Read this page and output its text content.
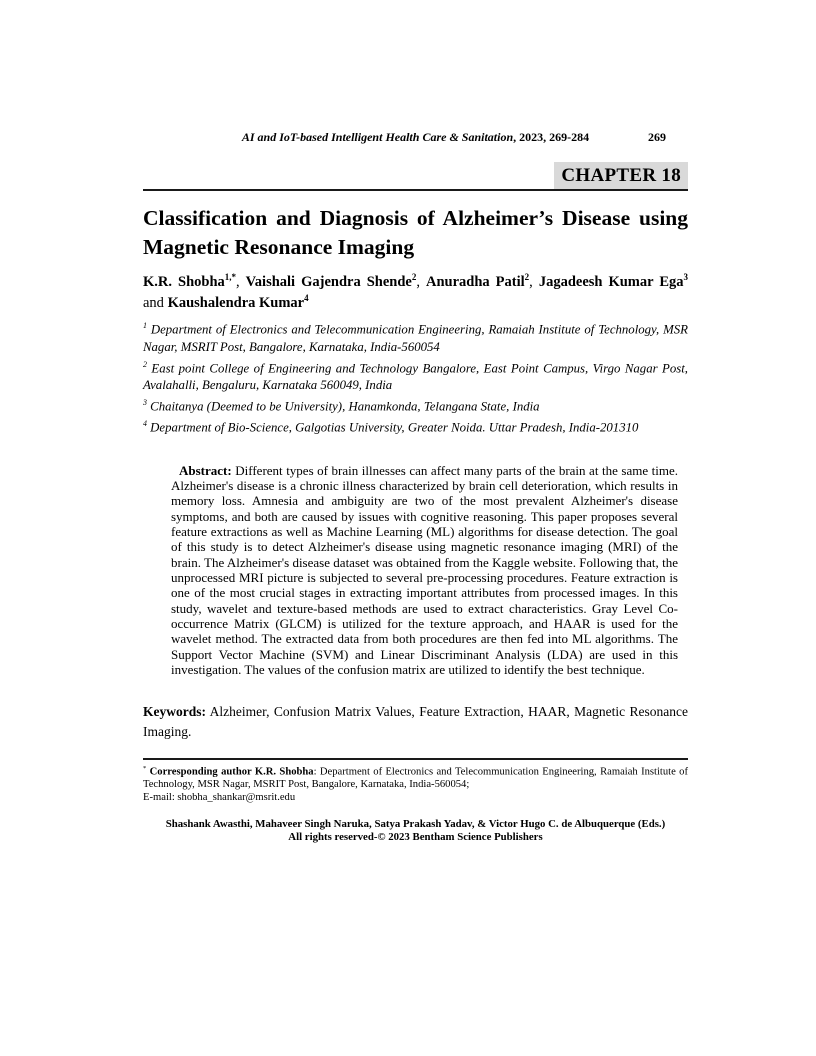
AI and IoT-based Intelligent Health Care & Sanitation, 2023, 269-284	269
CHAPTER 18
Classification and Diagnosis of Alzheimer’s Disease using Magnetic Resonance Imaging

K.R. Shobha$^{1,*}$, Vaishali Gajendra Shende$^2$, Anuradha Patil$^2$, Jagadeesh Kumar Ega$^3$ and Kaushalendra Kumar$^4$

$^1$ Department of Electronics and Telecommunication Engineering, Ramaiah Institute of Technology, MSR Nagar, MSRIT Post, Bangalore, Karnataka, India-560054

$^2$ East point College of Engineering and Technology Bangalore, East Point Campus, Virgo Nagar Post, Avalahalli, Bengaluru, Karnataka 560049, India

$^3$ Chaitanya (Deemed to be University), Hanamkonda, Telangana State, India

$^4$ Department of Bio-Science, Galgotias University, Greater Noida. Uttar Pradesh, India-201310

Abstract: Different types of brain illnesses can affect many parts of the brain at the same time. Alzheimer's disease is a chronic illness characterized by brain cell deterioration, which results in memory loss. Amnesia and ambiguity are two of the most prevalent Alzheimer's disease symptoms, and both are caused by issues with cognitive reasoning. This paper proposes several feature extractions as well as Machine Learning (ML) algorithms for disease detection. The goal of this study is to detect Alzheimer's disease using magnetic resonance imaging (MRI) of the brain. The Alzheimer's disease dataset was obtained from the Kaggle website. Following that, the unprocessed MRI picture is subjected to several pre-processing procedures. Feature extraction is one of the most crucial stages in extracting important attributes from processed images. In this study, wavelet and texture-based methods are used to extract characteristics. Gray Level Co-occurrence Matrix (GLCM) is utilized for the texture approach, and HAAR is used for the wavelet method. The extracted data from both procedures are then fed into ML algorithms. The Support Vector Machine (SVM) and Linear Discriminant Analysis (LDA) are used in this investigation. The values of the confusion matrix are utilized to identify the best technique.

Keywords: Alzheimer, Confusion Matrix Values, Feature Extraction, HAAR, Magnetic Resonance Imaging.

* Corresponding author K.R. Shobha: Department of Electronics and Telecommunication Engineering, Ramaiah Institute of Technology, MSR Nagar, MSRIT Post, Bangalore, Karnataka, India-560054;

E-mail: shobha_shankar@msrit.edu

Shashank Awasthi, Mahaveer Singh Naruka, Satya Prakash Yadav, & Victor Hugo C. de Albuquerque (Eds.)
All rights reserved-© 2023 Bentham Science Publishers
